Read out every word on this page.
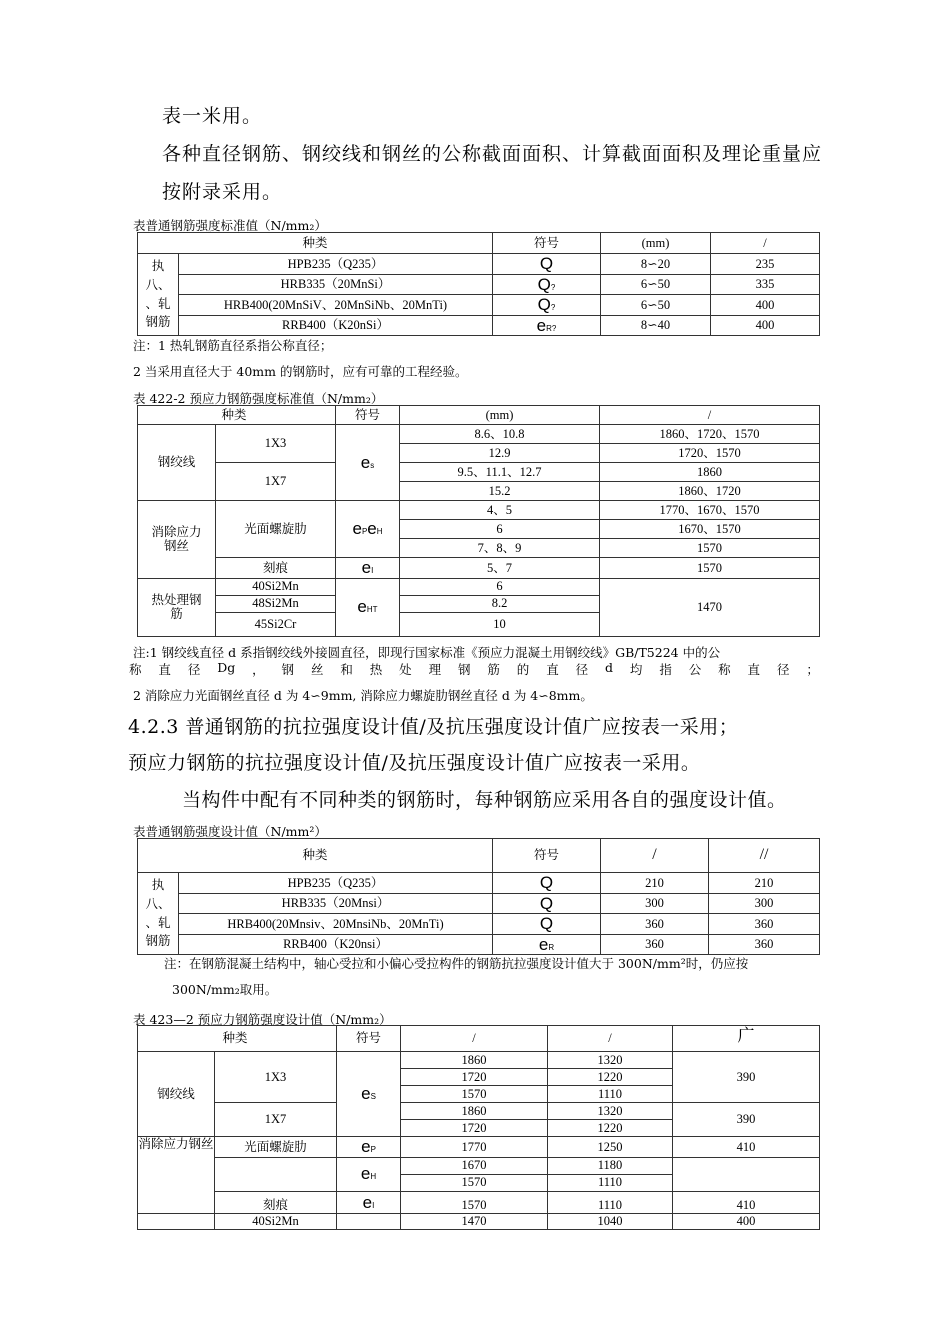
表一米用。
各种直径钢筋、钢绞线和钢丝的公称截面面积、计算截面面积及理论重量应
按附录采用。
表普通钢筋强度标准值（N/mm₂）
种类		符号	(mm)	/

执
八、
、轧
钢筋	HPB235（Q235）	Q	8∽20	235
	HRB335（20MnSi）	Q?	6∽50	335
	HRB400(20MnSiV、20MnSiNb、20MnTi)	Q?	6∽50	400
	RRB400（K20nSi）	eR?	8∽40	400
注：1 热轧钢筋直径系指公称直径；
2 当采用直径大于 40mm 的钢筋时，应有可靠的工程经验。
表 422-2 预应力钢筋强度标准值（N/mm₂）
	种类	符号	(mm)	/
钢绞线	1X3	es	8.6、10.8	1860、1720、1570
			12.9	1720、1570
	1X7		9.5、11.1、12.7	1860
			15.2	1860、1720
消除应力钢丝	光面螺旋肋	ePeH	4、5	1770、1670、1570
			6	1670、1570
			7、8、9	1570
	刻痕	eI	5、7	1570
热处理钢筋	40Si2Mn	eHT	6	1470
	48Si2Mn		8.2	
	45Si2Cr		10	
注:1 钢绞线直径 d 系指钢绞线外接圆直径，即现行国家标准《预应力混凝土用钢绞线》GB/T5224 中的公
称 直 径 Dg ， 钢 丝 和 热 处 理 钢 筋 的 直 径 d 均 指 公 称 直 径 ；
2 消除应力光面钢丝直径 d 为 4∽9mm, 消除应力螺旋肋钢丝直径 d 为 4∽8mm。
4.2.3 普通钢筋的抗拉强度设计值/及抗压强度设计值广应按表一采用；
预应力钢筋的抗拉强度设计值/及抗压强度设计值广应按表一采用。
当构件中配有不同种类的钢筋时，每种钢筋应采用各自的强度设计值。
表普通钢筋强度设计值（N/mm²）
种类		符号	/	//

执
八、
、轧
钢筋	HPB235（Q235）	Q	210	210
	HRB335（20Mnsi）	Q	300	300
	HRB400(20Mnsiv、20MnsiNb、20MnTi)	Q	360	360
	RRB400（K20nsi）	eR	360	360
注：在钢筋混凝土结构中，轴心受拉和小偏心受拉构件的钢筋抗拉强度设计值大于 300N/mm²时，仍应按
300N/mm₂取用。
表 423—2 预应力钢筋强度设计值（N/mm₂）
	种类	符号	/	/	广
钢绞线	1X3	eS	1860	1320	390
			1720	1220	
			1570	1110	
	1X7		1860	1320	390
			1720	1220	
消除应力钢丝	光面螺旋肋	eP	1770	1250	410
		eH	1670	1180	
			1570	1110	
	刻痕	eI	1570	1110	410
	40Si2Mn		1470	1040	400
